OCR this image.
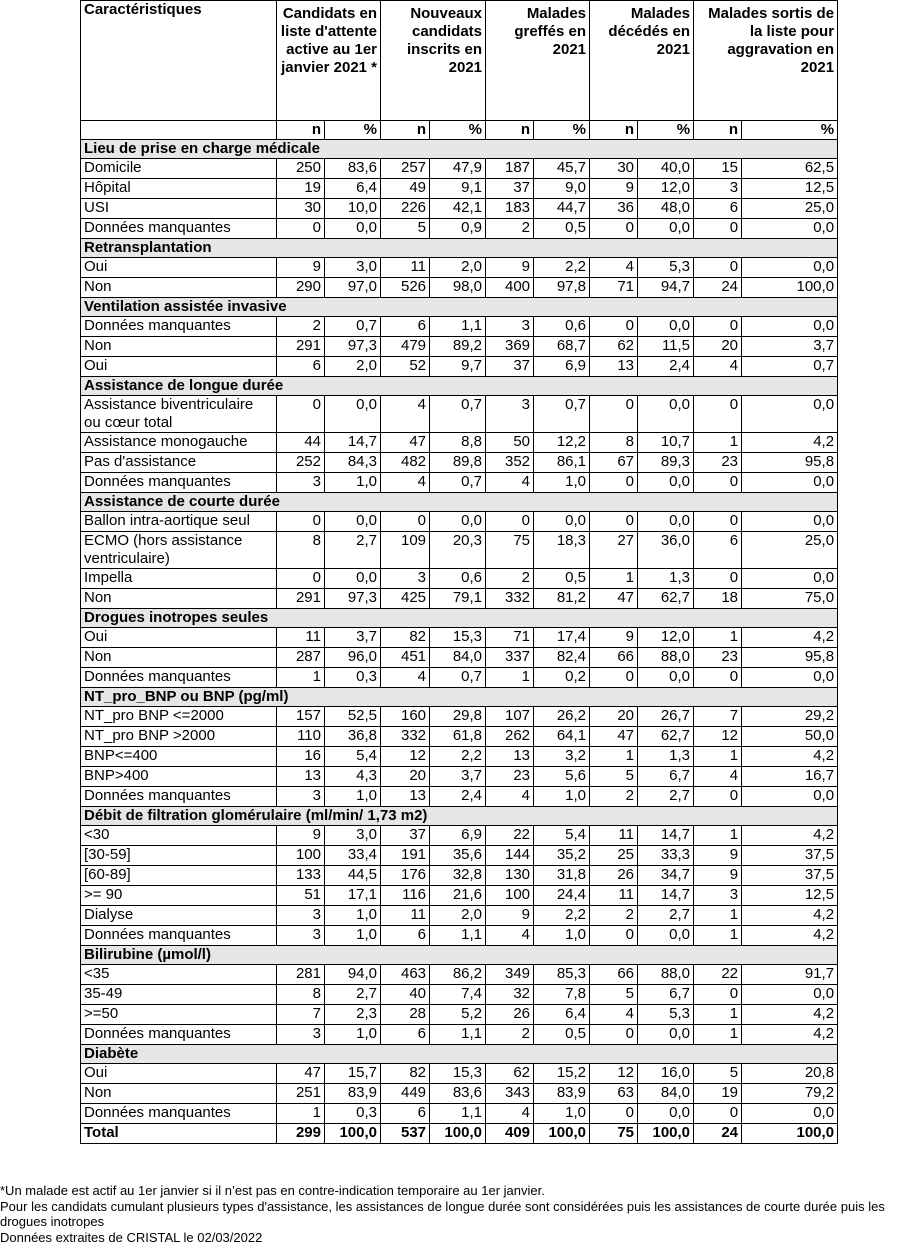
Caractéristiques	Candidats en liste d'attente active au 1er janvier 2021 *		Nouveaux candidats inscrits en 2021		Malades greffés en 2021		Malades décédés en 2021		Malades sortis de la liste pour aggravation en 2021	
	n	%	n	%	n	%	n	%	n	%
Lieu de prise en charge médicale										
Domicile	250	83,6	257	47,9	187	45,7	30	40,0	15	62,5
Hôpital	19	6,4	49	9,1	37	9,0	9	12,0	3	12,5
USI	30	10,0	226	42,1	183	44,7	36	48,0	6	25,0
Données manquantes	0	0,0	5	0,9	2	0,5	0	0,0	0	0,0
Retransplantation										
Oui	9	3,0	11	2,0	9	2,2	4	5,3	0	0,0
Non	290	97,0	526	98,0	400	97,8	71	94,7	24	100,0
Ventilation assistée invasive										
Données manquantes	2	0,7	6	1,1	3	0,6	0	0,0	0	0,0
Non	291	97,3	479	89,2	369	68,7	62	11,5	20	3,7
Oui	6	2,0	52	9,7	37	6,9	13	2,4	4	0,7
Assistance de longue durée										
Assistance biventriculaire ou cœur total	0	0,0	4	0,7	3	0,7	0	0,0	0	0,0
Assistance monogauche	44	14,7	47	8,8	50	12,2	8	10,7	1	4,2
Pas d'assistance	252	84,3	482	89,8	352	86,1	67	89,3	23	95,8
Données manquantes	3	1,0	4	0,7	4	1,0	0	0,0	0	0,0
Assistance de courte durée										
Ballon intra-aortique seul	0	0,0	0	0,0	0	0,0	0	0,0	0	0,0
ECMO (hors assistance ventriculaire)	8	2,7	109	20,3	75	18,3	27	36,0	6	25,0
Impella	0	0,0	3	0,6	2	0,5	1	1,3	0	0,0
Non	291	97,3	425	79,1	332	81,2	47	62,7	18	75,0
Drogues inotropes seules										
Oui	11	3,7	82	15,3	71	17,4	9	12,0	1	4,2
Non	287	96,0	451	84,0	337	82,4	66	88,0	23	95,8
Données manquantes	1	0,3	4	0,7	1	0,2	0	0,0	0	0,0
NT_pro_BNP ou BNP (pg/ml)										
NT_pro BNP <=2000	157	52,5	160	29,8	107	26,2	20	26,7	7	29,2
NT_pro BNP >2000	110	36,8	332	61,8	262	64,1	47	62,7	12	50,0
BNP<=400	16	5,4	12	2,2	13	3,2	1	1,3	1	4,2
BNP>400	13	4,3	20	3,7	23	5,6	5	6,7	4	16,7
Données manquantes	3	1,0	13	2,4	4	1,0	2	2,7	0	0,0
Débit de filtration glomérulaire (ml/min/ 1,73 m2)										
<30	9	3,0	37	6,9	22	5,4	11	14,7	1	4,2
[30-59]	100	33,4	191	35,6	144	35,2	25	33,3	9	37,5
[60-89]	133	44,5	176	32,8	130	31,8	26	34,7	9	37,5
>= 90	51	17,1	116	21,6	100	24,4	11	14,7	3	12,5
Dialyse	3	1,0	11	2,0	9	2,2	2	2,7	1	4,2
Données manquantes	3	1,0	6	1,1	4	1,0	0	0,0	1	4,2
Bilirubine (µmol/l)										
<35	281	94,0	463	86,2	349	85,3	66	88,0	22	91,7
35-49	8	2,7	40	7,4	32	7,8	5	6,7	0	0,0
>=50	7	2,3	28	5,2	26	6,4	4	5,3	1	4,2
Données manquantes	3	1,0	6	1,1	2	0,5	0	0,0	1	4,2
Diabète										
Oui	47	15,7	82	15,3	62	15,2	12	16,0	5	20,8
Non	251	83,9	449	83,6	343	83,9	63	84,0	19	79,2
Données manquantes	1	0,3	6	1,1	4	1,0	0	0,0	0	0,0
Total	299	100,0	537	100,0	409	100,0	75	100,0	24	100,0
*Un malade est actif au 1er janvier si il n’est pas en contre-indication temporaire au 1er janvier.
Pour les candidats cumulant plusieurs types d'assistance, les assistances de longue durée sont considérées puis les assistances de courte durée puis les drogues inotropes
Données extraites de CRISTAL le 02/03/2022
